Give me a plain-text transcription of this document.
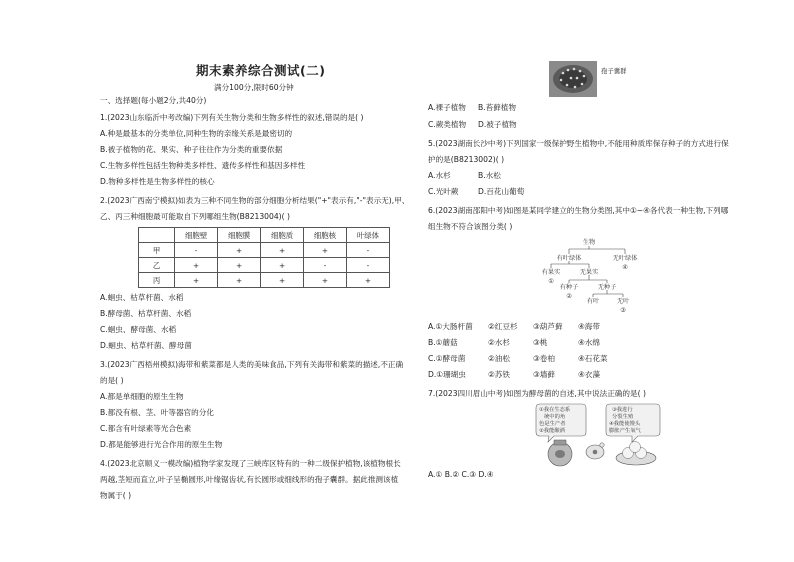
期末素养综合测试(二)
满分100分,限时60分钟
一、选择题(每小题2分,共40分)
1.(2023山东临沂中考改编)下列有关生物分类和生物多样性的叙述,错误的是( )
A.种是最基本的分类单位,同种生物的亲缘关系是最密切的
B.被子植物的花、果实、种子往往作为分类的重要依据
C.生物多样性包括生物种类多样性、遗传多样性和基因多样性
D.物种多样性是生物多样性的核心
2.(2023广西南宁模拟)如表为三种不同生物的部分细胞分析结果("+"表示有,"-"表示无),甲、
乙、丙三种细胞最可能取自下列哪组生物(B8213004)( )
	细胞壁	细胞膜	细胞质	细胞核	叶绿体
甲	-	+	+	+	-
乙	+	+	+	-	-
丙	+	+	+	+	+
A.蛔虫、枯草杆菌、水稻
B.酵母菌、枯草杆菌、水稻
C.蛔虫、酵母菌、水稻
D.蛔虫、枯草杆菌、酵母菌
3.(2023广西梧州模拟)海带和紫菜都是人类的美味食品,下列有关海带和紫菜的描述,不正确
的是( )
A.都是单细胞的原生生物
B.都没有根、茎、叶等器官的分化
C.都含有叶绿素等光合色素
D.都是能够进行光合作用的原生生物
4.(2023北京顺义一模改编)植物学家发现了三峡库区特有的一种二级保护植物,该植物根长
两越,茎短而直立,叶子呈椭圆形,叶缘锯齿状,有长圆形或细线形的孢子囊群。据此推测该植
物属于( )
孢子囊群
A.裸子植物 B.苔藓植物
C.蕨类植物 D.被子植物
5.(2023湖南长沙中考)下列国家一级保护野生植物中,不能用种质库保存种子的方式进行保
护的是(B8213002)( )
A.水杉	B.水松
C.光叶蕨	D.百花山葡萄
6.(2023湖南邵阳中考)如图是某同学建立的生物分类图,其中①~④各代表一种生物,下列哪
组生物不符合该图分类( )
生物
有叶绿体	无叶绿体
④
有果实	无果实
①
有种子	无种子
②
有叶	无叶
③
A.①大肠杆菌 ②红豆杉 ③葫芦藓 ④海带
B.①蘑菇	②水杉	③桃	④水绵
C.①酵母菌	②油松	③卷柏	④石花菜
D.①珊瑚虫	②苏铁	③墙藓	④衣藻
7.(2023四川眉山中考)如图为酵母菌的自述,其中说法正确的是( )
①我在生态系
统中的角
色是生产者
②我能酿酒
③我进行
分裂生殖
④我能使馒头
膨胀产生氧气
A.① B.② C.③ D.④
